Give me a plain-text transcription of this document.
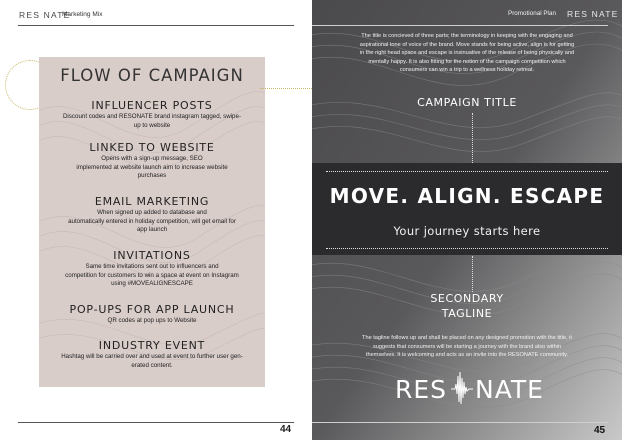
RES NATE
Marketing Mix
FLOW OF CAMPAIGN
INFLUENCER POSTS
Discount codes and RESONATE brand instagram tagged, swipe-
up to website
LINKED TO WEBSITE
Opens with a sign-up message, SEO
implemented at website launch aim to increase website
purchases
EMAIL MARKETING
When signed up added to database and
automatically entered in holiday competition, will get email for
app launch
INVITATIONS
Same time invitations sent out to influencers and
competition for customers to win a space at event on Instagram
using #MOVEALIGNESCAPE
POP-UPS FOR APP LAUNCH
QR codes at pop ups to Website
INDUSTRY EVENT
Hashtag will be carried over and used at event to further user gen-
erated content.
44
Promotional Plan RES NATE
The title is concieved of three parts; the terminology in keeping with the engaging and
aspirational tone of voice of the brand. Move stands for being active, align is for getting
in the right head space and escape is insinuative of the release of being physically and
mentally happy. It is also fitting for the notion of the campaign competition which
consumers can win a trip to a wellness holiday retreat.
CAMPAIGN TITLE
MOVE. ALIGN. ESCAPE
Your journey starts here
SECONDARY
TAGLINE
The tagline follows up and shall be placed on any designed promotion with the title, it
suggests that consumers will be starting a journey with the brand also within
themselves. It is welcoming and acts as an invite into the RESONATE community.
RES NATE
45
